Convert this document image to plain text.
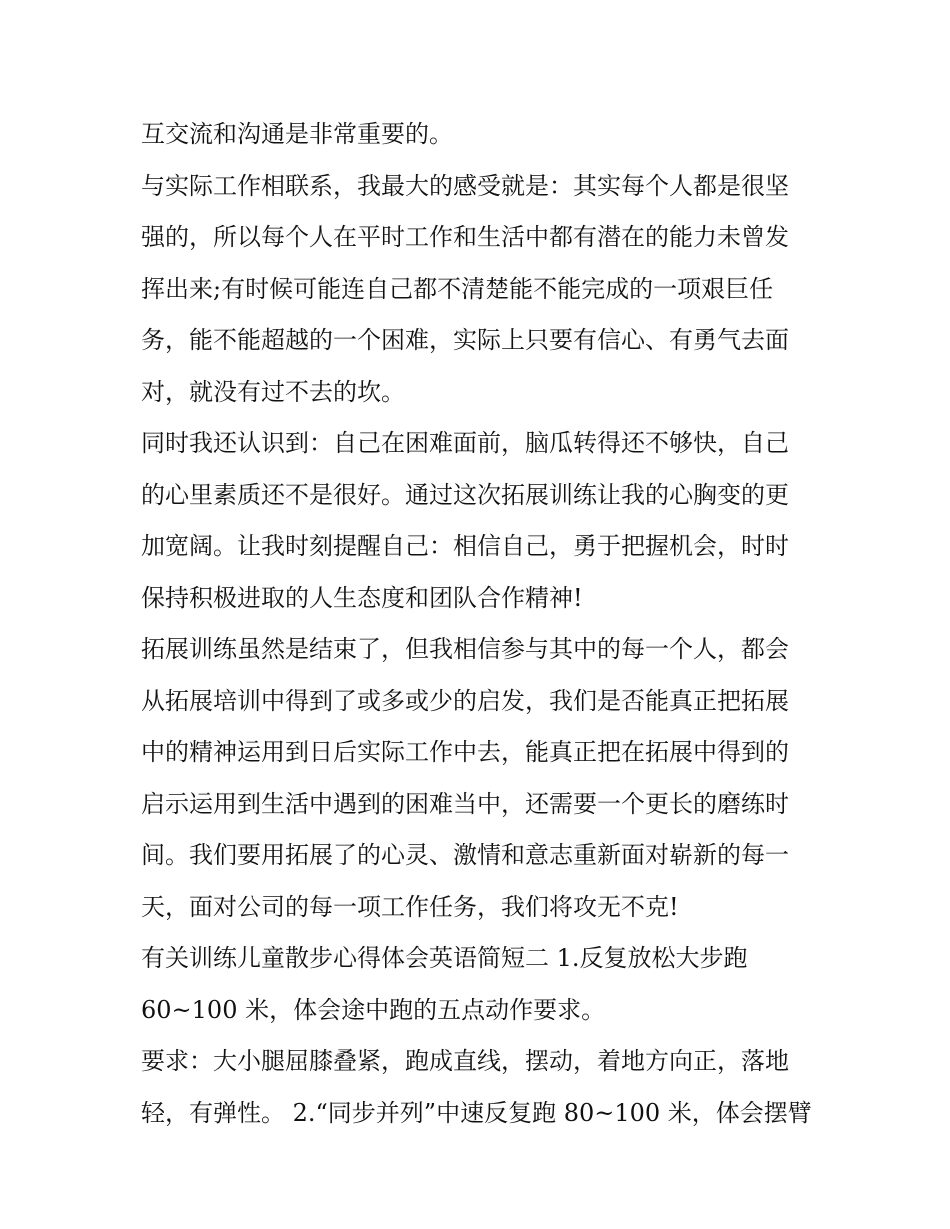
互交流和沟通是非常重要的。
与实际工作相联系，我最大的感受就是：其实每个人都是很坚
强的，所以每个人在平时工作和生活中都有潜在的能力未曾发
挥出来;有时候可能连自己都不清楚能不能完成的一项艰巨任
务，能不能超越的一个困难，实际上只要有信心、有勇气去面
对，就没有过不去的坎。
同时我还认识到：自己在困难面前，脑瓜转得还不够快，自己
的心里素质还不是很好。通过这次拓展训练让我的心胸变的更
加宽阔。让我时刻提醒自己：相信自己，勇于把握机会，时时
保持积极进取的人生态度和团队合作精神!
拓展训练虽然是结束了，但我相信参与其中的每一个人，都会
从拓展培训中得到了或多或少的启发，我们是否能真正把拓展
中的精神运用到日后实际工作中去，能真正把在拓展中得到的
启示运用到生活中遇到的困难当中，还需要一个更长的磨练时
间。我们要用拓展了的心灵、激情和意志重新面对崭新的每一
天，面对公司的每一项工作任务，我们将攻无不克!
有关训练儿童散步心得体会英语简短二 1.反复放松大步跑
60~100 米，体会途中跑的五点动作要求。
要求：大小腿屈膝叠紧，跑成直线，摆动，着地方向正，落地
轻，有弹性。 2.“同步并列”中速反复跑 80~100 米，体会摆臂
